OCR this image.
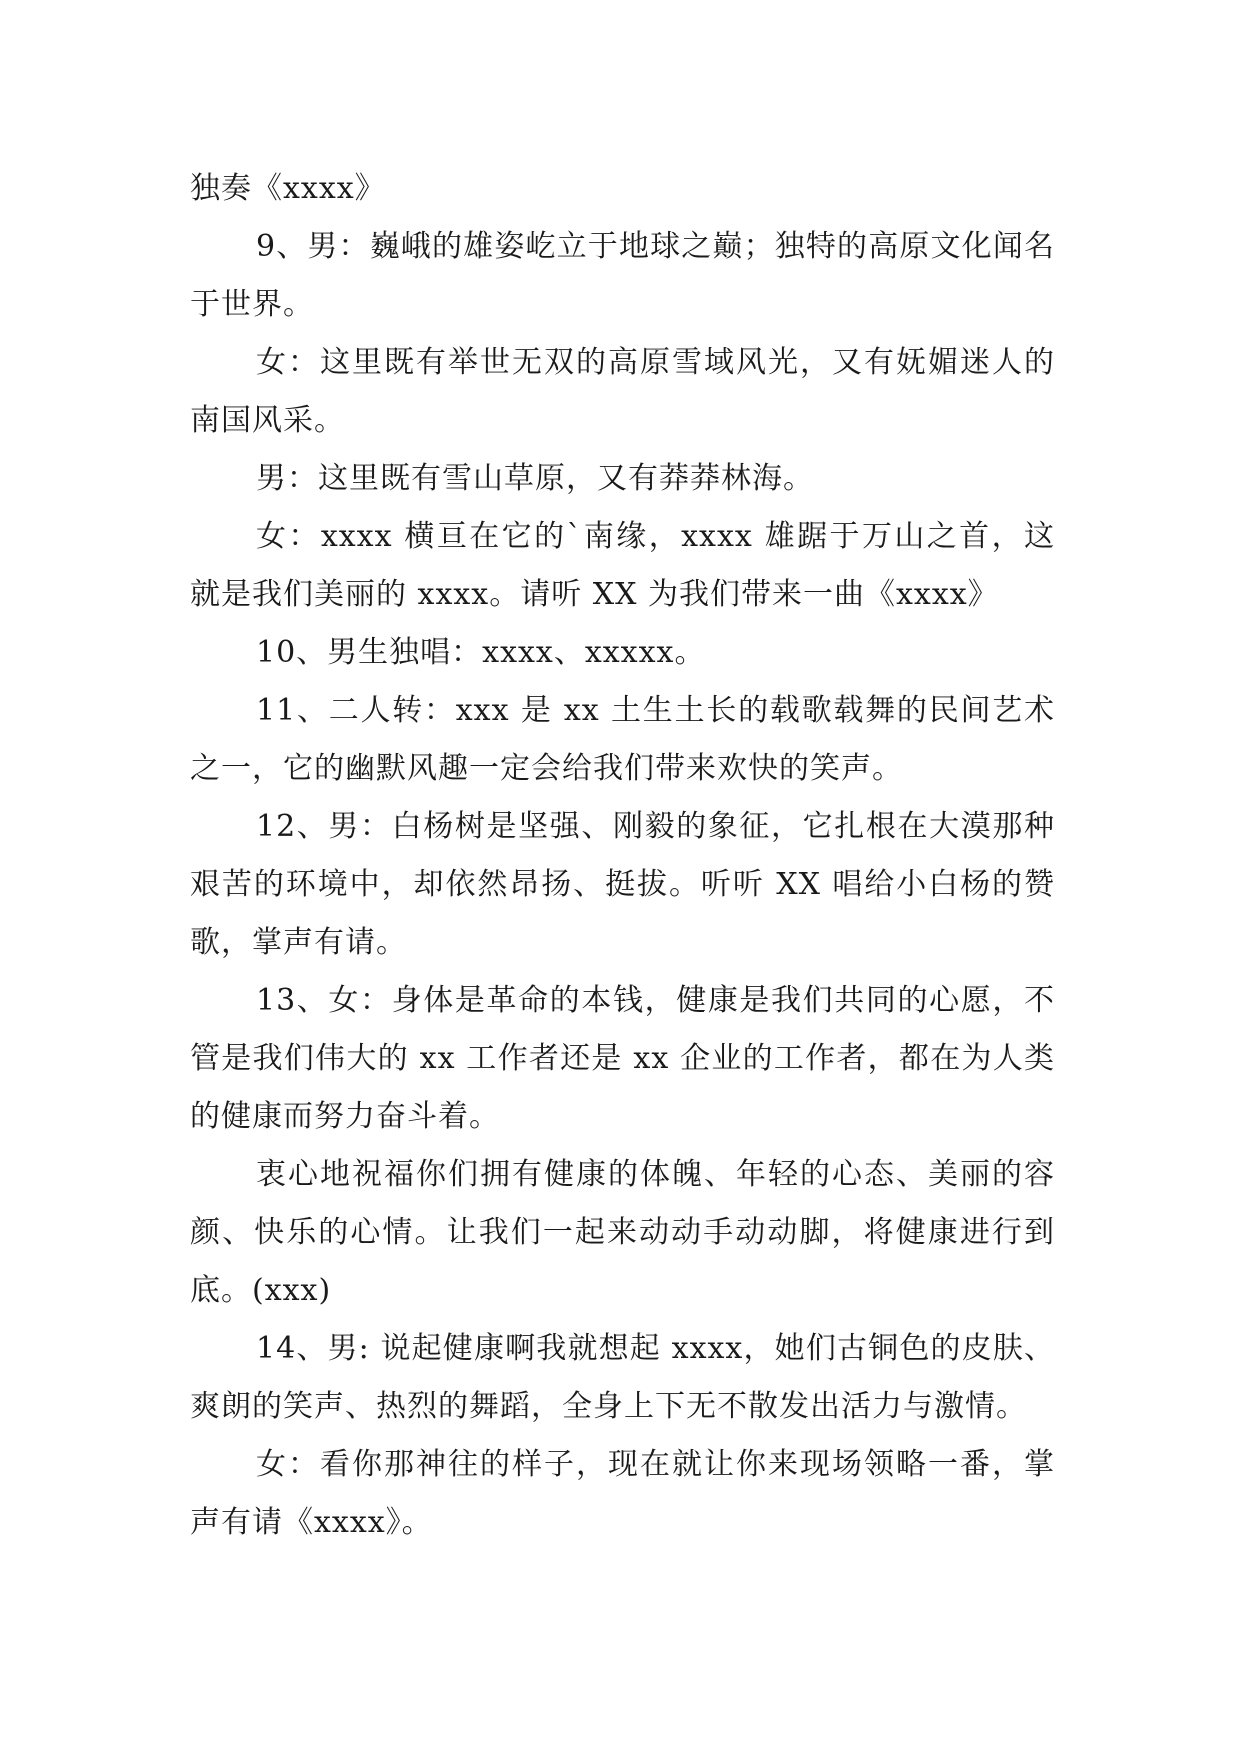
独奏《xxxx》

9、男：巍峨的雄姿屹立于地球之巅；独特的高原文化闻名于世界。

女：这里既有举世无双的高原雪域风光，又有妩媚迷人的南国风采。

男：这里既有雪山草原，又有莽莽林海。

女：xxxx 横亘在它的`南缘，xxxx 雄踞于万山之首，这就是我们美丽的 xxxx。请听 XX 为我们带来一曲《xxxx》

10、男生独唱：xxxx、xxxxx。

11、二人转：xxx 是 xx 土生土长的载歌载舞的民间艺术之一，它的幽默风趣一定会给我们带来欢快的笑声。

12、男：白杨树是坚强、刚毅的象征，它扎根在大漠那种艰苦的环境中，却依然昂扬、挺拔。听听 XX 唱给小白杨的赞歌，掌声有请。

13、女：身体是革命的本钱，健康是我们共同的心愿，不管是我们伟大的 xx 工作者还是 xx 企业的工作者，都在为人类的健康而努力奋斗着。

衷心地祝福你们拥有健康的体魄、年轻的心态、美丽的容颜、快乐的心情。让我们一起来动动手动动脚，将健康进行到底。(xxx)

14、男: 说起健康啊我就想起 xxxx，她们古铜色的皮肤、爽朗的笑声、热烈的舞蹈，全身上下无不散发出活力与激情。

女：看你那神往的样子，现在就让你来现场领略一番，掌声有请《xxxx》。
